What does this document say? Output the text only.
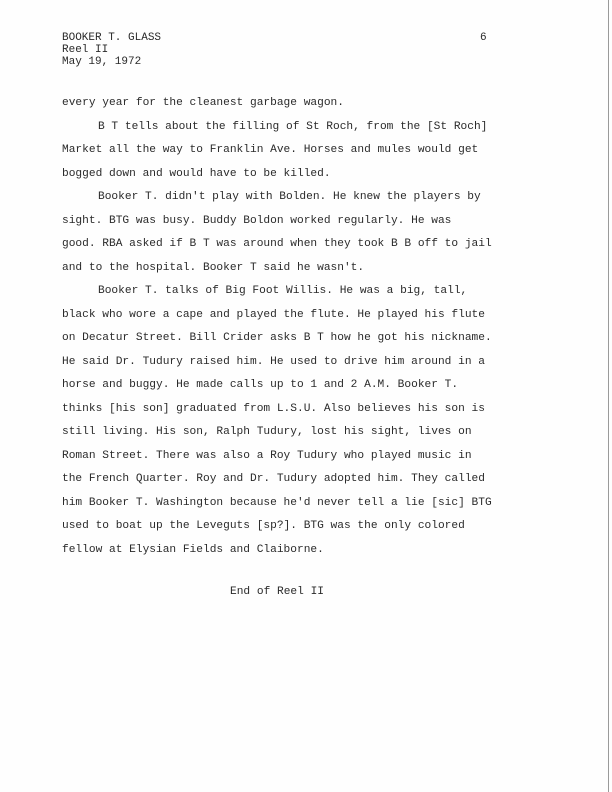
BOOKER T. GLASS
Reel II
May 19, 1972
6

every year for the cleanest garbage wagon.

B T tells about the filling of St Roch, from the [St Roch]

Market all the way to Franklin Ave. Horses and mules would get

bogged down and would have to be killed.

Booker T. didn't play with Bolden. He knew the players by

sight. BTG was busy. Buddy Boldon worked regularly. He was

good. RBA asked if B T was around when they took B B off to jail

and to the hospital. Booker T said he wasn't.

Booker T. talks of Big Foot Willis. He was a big, tall,

black who wore a cape and played the flute. He played his flute

on Decatur Street. Bill Crider asks B T how he got his nickname.

He said Dr. Tudury raised him. He used to drive him around in a

horse and buggy. He made calls up to 1 and 2 A.M. Booker T.

thinks [his son] graduated from L.S.U. Also believes his son is

still living. His son, Ralph Tudury, lost his sight, lives on

Roman Street. There was also a Roy Tudury who played music in

the French Quarter. Roy and Dr. Tudury adopted him. They called

him Booker T. Washington because he'd never tell a lie [sic] BTG

used to boat up the Leveguts [sp?]. BTG was the only colored

fellow at Elysian Fields and Claiborne.

End of Reel II
